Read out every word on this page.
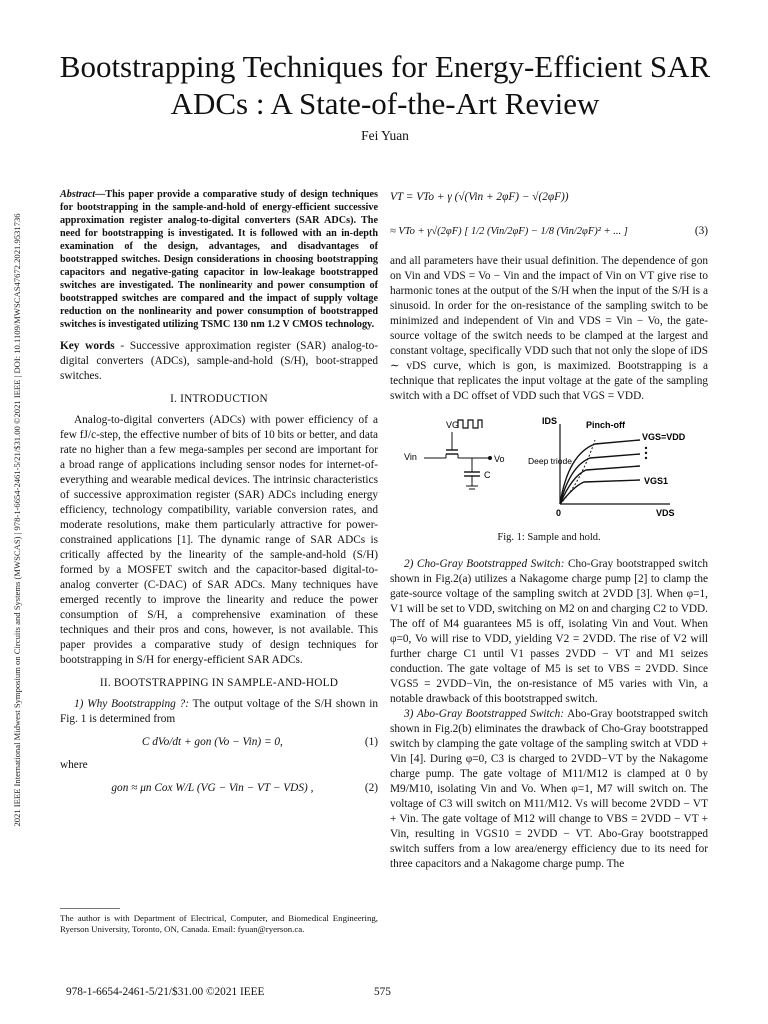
2021 IEEE International Midwest Symposium on Circuits and Systems (MWSCAS) | 978-1-6654-2461-5/21/$31.00 ©2021 IEEE | DOI: 10.1109/MWSCAS47672.2021.9531736
Bootstrapping Techniques for Energy-Efficient SAR
ADCs : A State-of-the-Art Review
Fei Yuan
Abstract—This paper provide a comparative study of design techniques for bootstrapping in the sample-and-hold of energy-efficient successive approximation register analog-to-digital converters (SAR ADCs). The need for bootstrapping is investigated. It is followed with an in-depth examination of the design, advantages, and disadvantages of bootstrapped switches. Design considerations in choosing bootstrapping capacitors and negative-gating capacitor in low-leakage bootstrapped switches are investigated. The nonlinearity and power consumption of bootstrapped switches are compared and the impact of supply voltage reduction on the nonlinearity and power consumption of bootstrapped switches is investigated utilizing TSMC 130 nm 1.2 V CMOS technology.
Key words - Successive approximation register (SAR) analog-to-digital converters (ADCs), sample-and-hold (S/H), boot-strapped switches.
I. INTRODUCTION

Analog-to-digital converters (ADCs) with power efficiency of a few fJ/c-step, the effective number of bits of 10 bits or better, and data rate no higher than a few mega-samples per second are important for a broad range of applications including sensor nodes for internet-of-everything and wearable medical devices. The intrinsic characteristics of successive approximation register (SAR) ADCs including energy efficiency, technology compatibility, variable conversion rates, and moderate resolutions, make them particularly attractive for power-constrained applications [1]. The dynamic range of SAR ADCs is critically affected by the linearity of the sample-and-hold (S/H) formed by a MOSFET switch and the capacitor-based digital-to-analog converter (C-DAC) of SAR ADCs. Many techniques have emerged recently to improve the linearity and reduce the power consumption of S/H, a comprehensive examination of these techniques and their pros and cons, however, is not available. This paper provides a comparative study of design techniques for bootstrapping in S/H for energy-efficient SAR ADCs.

II. BOOTSTRAPPING IN SAMPLE-AND-HOLD

1) Why Bootstrapping ?: The output voltage of the S/H shown in Fig. 1 is determined from

C dVo/dt + gon (Vo − Vin) = 0,	(1)
where
gon ≈ μn Cox W/L (VG − Vin − VT − VDS) ,	(2)
The author is with Department of Electrical, Computer, and Biomedical Engineering, Ryerson University, Toronto, ON, Canada. Email: fyuan@ryerson.ca.
VT = VTo + γ (√(Vin + 2φF) − √(2φF))
≈ VTo + γ√(2φF) [ 1/2 (Vin/2φF) − 1/8 (Vin/2φF)² + ... ]	(3)

and all parameters have their usual definition. The dependence of gon on Vin and VDS = Vo − Vin and the impact of Vin on VT give rise to harmonic tones at the output of the S/H when the input of the S/H is a sinusoid. In order for the on-resistance of the sampling switch to be minimized and independent of Vin and VDS = Vin − Vo, the gate-source voltage of the switch needs to be clamped at the largest and constant voltage, specifically VDD such that not only the slope of iDS ∼ vDS curve, which is gon, is maximized. Bootstrapping is a technique that replicates the input voltage at the gate of the sampling switch with a DC offset of VDD such that VGS = VDD.

VG
Vin	Vo
C
IDS	Pinch-off
VGS=VDD
Deep triode
VGS1
0	VDS
Fig. 1: Sample and hold.

2) Cho-Gray Bootstrapped Switch: Cho-Gray bootstrapped switch shown in Fig.2(a) utilizes a Nakagome charge pump [2] to clamp the gate-source voltage of the sampling switch at 2VDD [3]. When φ=1, V1 will be set to VDD, switching on M2 on and charging C2 to VDD. The off of M4 guarantees M5 is off, isolating Vin and Vout. When φ=0, Vo will rise to VDD, yielding V2 = 2VDD. The rise of V2 will further charge C1 until V1 passes 2VDD − VT and M1 seizes conduction. The gate voltage of M5 is set to VBS = 2VDD. Since VGS5 = 2VDD−Vin, the on-resistance of M5 varies with Vin, a notable drawback of this bootstrapped switch.

3) Abo-Gray Bootstrapped Switch: Abo-Gray bootstrapped switch shown in Fig.2(b) eliminates the drawback of Cho-Gray bootstrapped switch by clamping the gate voltage of the sampling switch at VDD + Vin [4]. During φ=0, C3 is charged to 2VDD−VT by the Nakagome charge pump. The gate voltage of M11/M12 is clamped at 0 by M9/M10, isolating Vin and Vo. When φ=1, M7 will switch on. The voltage of C3 will switch on M11/M12. Vs will become 2VDD − VT + Vin. The gate voltage of M12 will change to VBS = 2VDD − VT + Vin, resulting in VGS10 = 2VDD − VT. Abo-Gray bootstrapped switch suffers from a low area/energy efficiency due to its need for three capacitors and a Nakagome charge pump. The

978-1-6654-2461-5/21/$31.00 ©2021 IEEE	575
